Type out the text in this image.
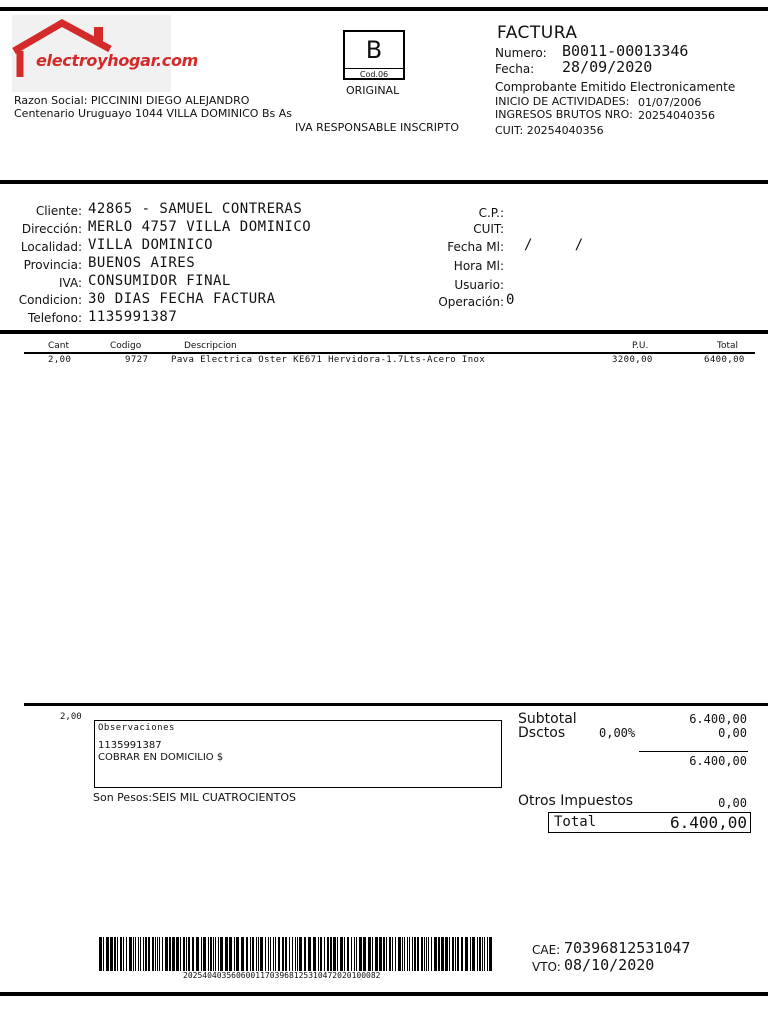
electroyhogar.com
Razon Social: PICCININI DIEGO ALEJANDRO
Centenario Uruguayo 1044 VILLA DOMINICO Bs As
B
Cod.06
ORIGINAL
IVA RESPONSABLE INSCRIPTO
FACTURA
Numero: B0011-00013346
Fecha: 28/09/2020
Comprobante Emitido Electronicamente
INICIO DE ACTIVIDADES: 01/07/2006
INGRESOS BRUTOS NRO: 20254040356
CUIT: 20254040356
Cliente: 42865 - SAMUEL CONTRERAS
Dirección: MERLO 4757 VILLA DOMINICO
Localidad: VILLA DOMINICO
Provincia: BUENOS AIRES
IVA: CONSUMIDOR FINAL
Condicion: 30 DIAS FECHA FACTURA
Telefono: 1135991387
C.P.:
CUIT:
Fecha Ml: /  /
Hora Ml:
Usuario:
Operación: 0
Cant	Codigo	Descripcion	P.U.	Total
2,00	9727	Pava Electrica Oster KE671 Hervidora-1.7Lts-Acero Inox	3200,00	6400,00
2,00
Observaciones
1135991387
COBRAR EN DOMICILIO $
Son Pesos:SEIS MIL CUATROCIENTOS
Subtotal	6.400,00
Dsctos	0,00%	0,00
6.400,00
Otros Impuestos	0,00
Total	6.400,00
20254040356060011703968125310472020100082
CAE: 70396812531047
VTO: 08/10/2020
